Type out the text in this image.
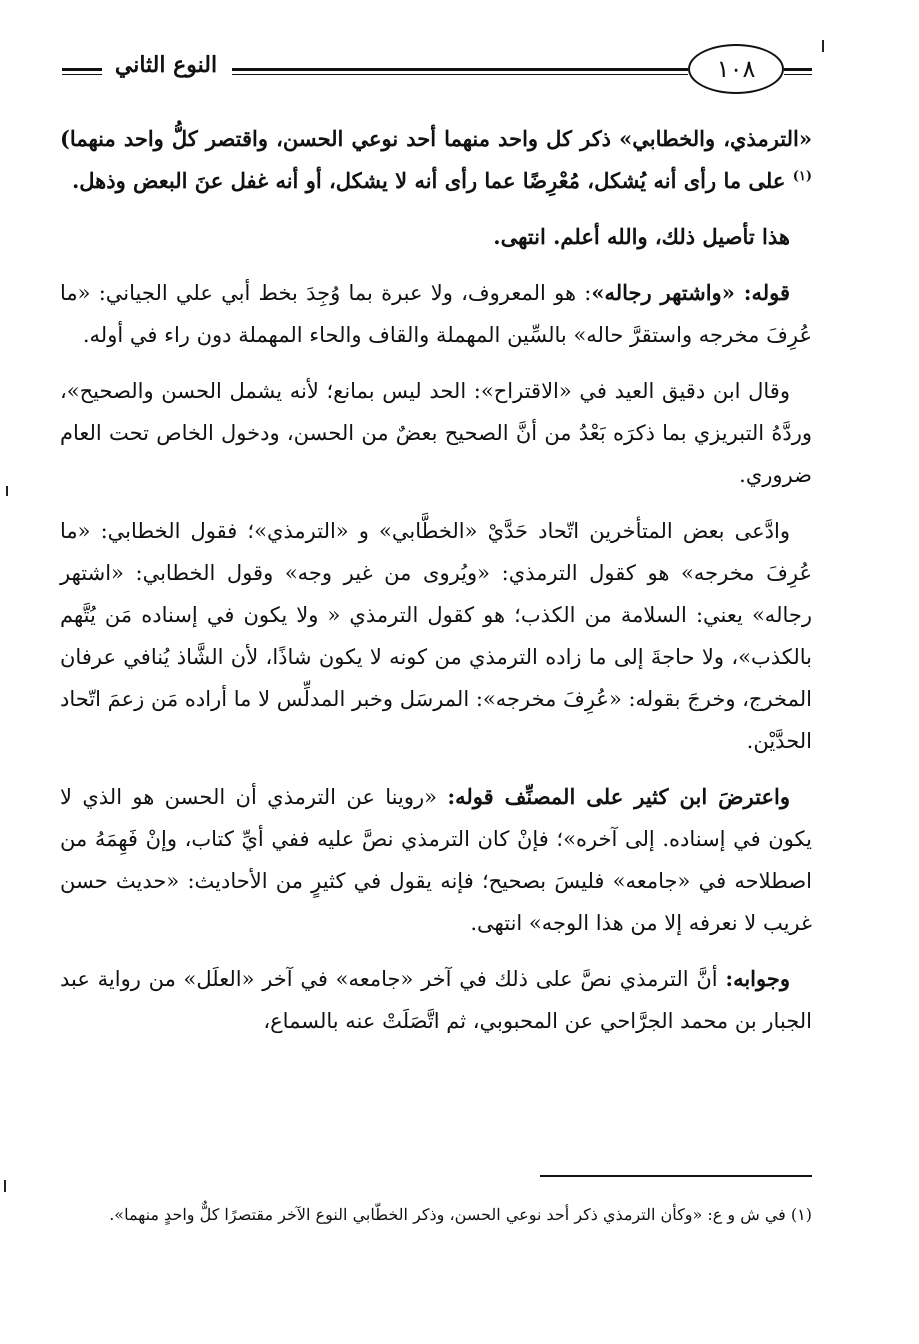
١٠٨
النوع الثاني

«الترمذي، والخطابي» ذكر كل واحد منهما أحد نوعي الحسن، واقتصر كلُّ واحد منهما)$^{(١)}$ على ما رأى أنه يُشكل، مُعْرِضًا عما رأى أنه لا يشكل، أو أنه غفل عنَ البعض وذهل.

هذا تأصيل ذلك، والله أعلم. انتهى.

قوله: «واشتهر رجاله»: هو المعروف، ولا عبرة بما وُجِدَ بخط أبي علي الجياني: «ما عُرِفَ مخرجه واستقرَّ حاله» بالسِّين المهملة والقاف والحاء المهملة دون راء في أوله.

وقال ابن دقيق العيد في «الاقتراح»: الحد ليس بمانع؛ لأنه يشمل الحسن والصحيح»، وردَّهُ التبريزي بما ذكرَه بَعْدُ من أنَّ الصحيح بعضٌ من الحسن، ودخول الخاص تحت العام ضروري.

وادَّعى بعض المتأخرين اتّحاد حَدَّيْ «الخطَّابي» و «الترمذي»؛ فقول الخطابي: «ما عُرِفَ مخرجه» هو كقول الترمذي: «ويُروى من غير وجه» وقول الخطابي: «اشتهر رجاله» يعني: السلامة من الكذب؛ هو كقول الترمذي « ولا يكون في إسناده مَن يُتَّهم بالكذب»، ولا حاجةَ إلى ما زاده الترمذي من كونه لا يكون شاذًا، لأن الشَّاذ يُنافي عرفان المخرج، وخرجَ بقوله: «عُرِفَ مخرجه»: المرسَل وخبر المدلِّس لا ما أراده مَن زعمَ اتّحاد الحدَّيْن.

واعترضَ ابن كثير على المصنِّف قوله: «روينا عن الترمذي أن الحسن هو الذي لا يكون في إسناده. إلى آخره»؛ فإنْ كان الترمذي نصَّ عليه ففي أيِّ كتاب، وإنْ فَهِمَهُ من اصطلاحه في «جامعه» فليسَ بصحيح؛ فإنه يقول في كثيرٍ من الأحاديث: «حديث حسن غريب لا نعرفه إلا من هذا الوجه» انتهى.

وجوابه: أنَّ الترمذي نصَّ على ذلك في آخر «جامعه» في آخر «العلَل» من رواية عبد الجبار بن محمد الجرَّاحي عن المحبوبي، ثم اتَّصَلَتْ عنه بالسماع،

(١) في ش و ع: «وكأن الترمذي ذكر أحد نوعي الحسن، وذكر الخطّابي النوع الآخر مقتصرًا كلٌّ واحدٍ منهما».
